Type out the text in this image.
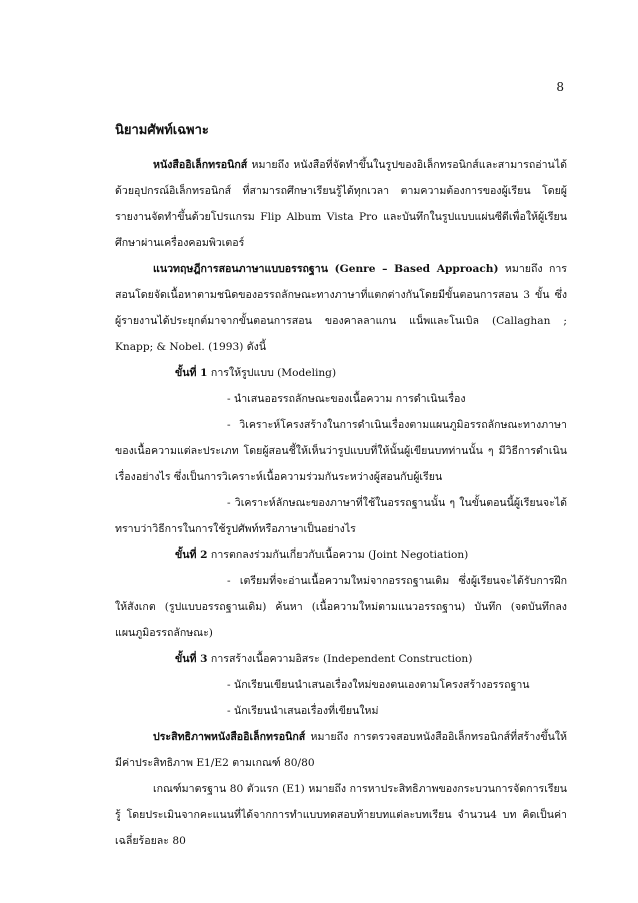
8
นิยามศัพท์เฉพาะ

หนังสืออิเล็กทรอนิกส์ หมายถึง หนังสือที่จัดทำขึ้นในรูปของอิเล็กทรอนิกส์และสามารถอ่านได้ด้วยอุปกรณ์อิเล็กทรอนิกส์ ที่สามารถศึกษาเรียนรู้ได้ทุกเวลา ตามความต้องการของผู้เรียน โดยผู้รายงานจัดทำขึ้นด้วยโปรแกรม Flip Album Vista Pro และบันทึกในรูปแบบแผ่นซีดีเพื่อให้ผู้เรียนศึกษาผ่านเครื่องคอมพิวเตอร์

แนวทฤษฎีการสอนภาษาแบบอรรถฐาน (Genre – Based Approach) หมายถึง การสอนโดยจัดเนื้อหาตามชนิดของอรรถลักษณะทางภาษาที่แตกต่างกันโดยมีขั้นตอนการสอน 3 ขั้น ซึ่งผู้รายงานได้ประยุกต์มาจากขั้นตอนการสอน ของคาลลาแกน แน็พและโนเบิล (Callaghan ; Knapp; & Nobel. (1993) ดังนี้

ขั้นที่ 1 การให้รูปแบบ (Modeling)

- นำเสนออรรถลักษณะของเนื้อความ การดำเนินเรื่อง

- วิเคราะห์โครงสร้างในการดำเนินเรื่องตามแผนภูมิอรรถลักษณะทางภาษาของเนื้อความแต่ละประเภท โดยผู้สอนชี้ให้เห็นว่ารูปแบบที่ให้นั้นผู้เขียนบทท่านนั้น ๆ มีวิธีการดำเนินเรื่องอย่างไร ซึ่งเป็นการวิเคราะห์เนื้อความร่วมกันระหว่างผู้สอนกับผู้เรียน

- วิเคราะห์ลักษณะของภาษาที่ใช้ในอรรถฐานนั้น ๆ ในขั้นตอนนี้ผู้เรียนจะได้ทราบว่าวิธีการในการใช้รูปศัพท์หรือภาษาเป็นอย่างไร

ขั้นที่ 2 การตกลงร่วมกันเกี่ยวกับเนื้อความ (Joint Negotiation)

- เตรียมที่จะอ่านเนื้อความใหม่จากอรรถฐานเดิม ซึ่งผู้เรียนจะได้รับการฝึกให้สังเกต (รูปแบบอรรถฐานเดิม) ค้นหา (เนื้อความใหม่ตามแนวอรรถฐาน) บันทึก (จดบันทึกลงแผนภูมิอรรถลักษณะ)

ขั้นที่ 3 การสร้างเนื้อความอิสระ (Independent Construction)

- นักเรียนเขียนนำเสนอเรื่องใหม่ของตนเองตามโครงสร้างอรรถฐาน

- นักเรียนนำเสนอเรื่องที่เขียนใหม่

ประสิทธิภาพหนังสืออิเล็กทรอนิกส์ หมายถึง การตรวจสอบหนังสืออิเล็กทรอนิกส์ที่สร้างขึ้นให้มีค่าประสิทธิภาพ E1/E2 ตามเกณฑ์ 80/80

เกณฑ์มาตรฐาน 80 ตัวแรก (E1) หมายถึง การหาประสิทธิภาพของกระบวนการจัดการเรียนรู้ โดยประเมินจากคะแนนที่ได้จากการทำแบบทดสอบท้ายบทแต่ละบทเรียน จำนวน4 บท คิดเป็นค่าเฉลี่ยร้อยละ 80
